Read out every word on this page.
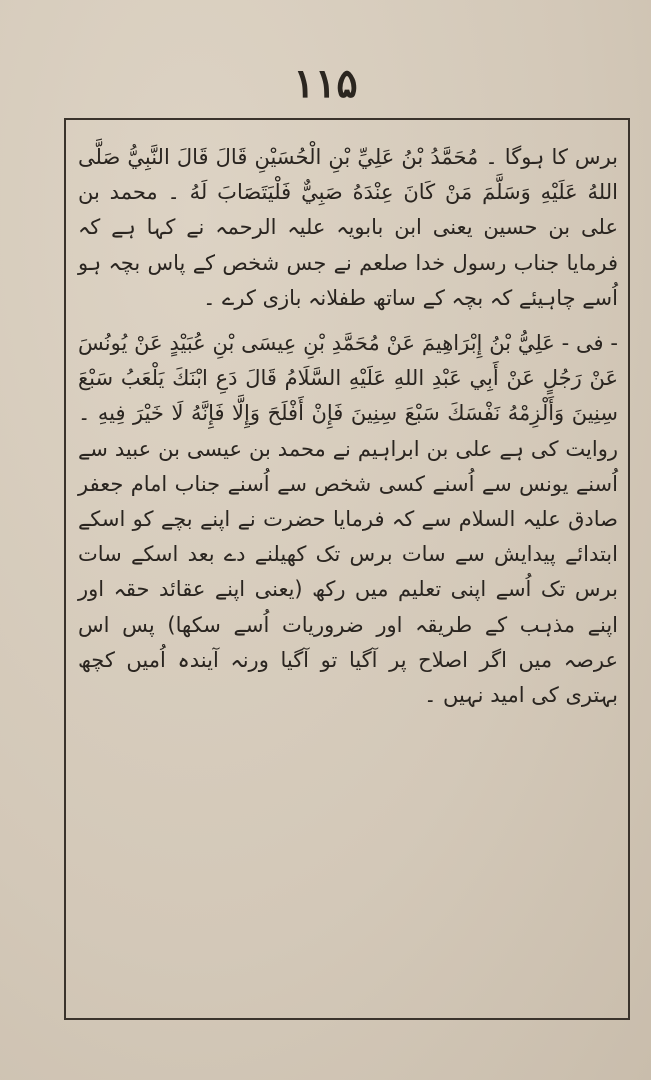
۱۱۵

برس کا ہوگا ۔ مُحَمَّدُ بْنُ عَلِيِّ بْنِ الْحُسَيْنِ قَالَ قَالَ النَّبِيُّ صَلَّى اللهُ عَلَيْهِ وَسَلَّمَ مَنْ كَانَ عِنْدَهُ صَبِيٌّ فَلْيَتَصَابَ لَهُ ۔ محمد بن علی بن حسین یعنی ابن بابویہ علیہ الرحمہ نے کہا ہے کہ فرمایا جناب رسول خدا صلعم نے جس شخص کے پاس بچہ ہو اُسے چاہیئے کہ بچہ کے ساتھ طفلانہ بازی کرے ۔

- فی - عَلِيُّ بْنُ إِبْرَاهِيمَ عَنْ مُحَمَّدِ بْنِ عِيسَى بْنِ عُبَيْدٍ عَنْ يُونُسَ عَنْ رَجُلٍ عَنْ أَبِي عَبْدِ اللهِ عَلَيْهِ السَّلَامُ قَالَ دَعِ ابْنَكَ يَلْعَبُ سَبْعَ سِنِينَ وَأَلْزِمْهُ نَفْسَكَ سَبْعَ سِنِينَ فَإِنْ أَفْلَحَ وَإِلَّا فَإِنَّهُ لَا خَيْرَ فِيهِ ۔ روایت کی ہے علی بن ابراہیم نے محمد بن عیسی بن عبید سے اُسنے یونس سے اُسنے کسی شخص سے اُسنے جناب امام جعفر صادق علیہ السلام سے کہ فرمایا حضرت نے اپنے بچے کو اسکے ابتدائے پیدایش سے سات برس تک کھیلنے دے بعد اسکے سات برس تک اُسے اپنی تعلیم میں رکھ (یعنی اپنے عقائد حقہ اور اپنے مذہب کے طریقہ اور ضروریات اُسے سکھا) پس اس عرصہ میں اگر اصلاح پر آگیا تو آگیا ورنہ آیندہ اُمیں کچھ بہتری کی امید نہیں ۔
